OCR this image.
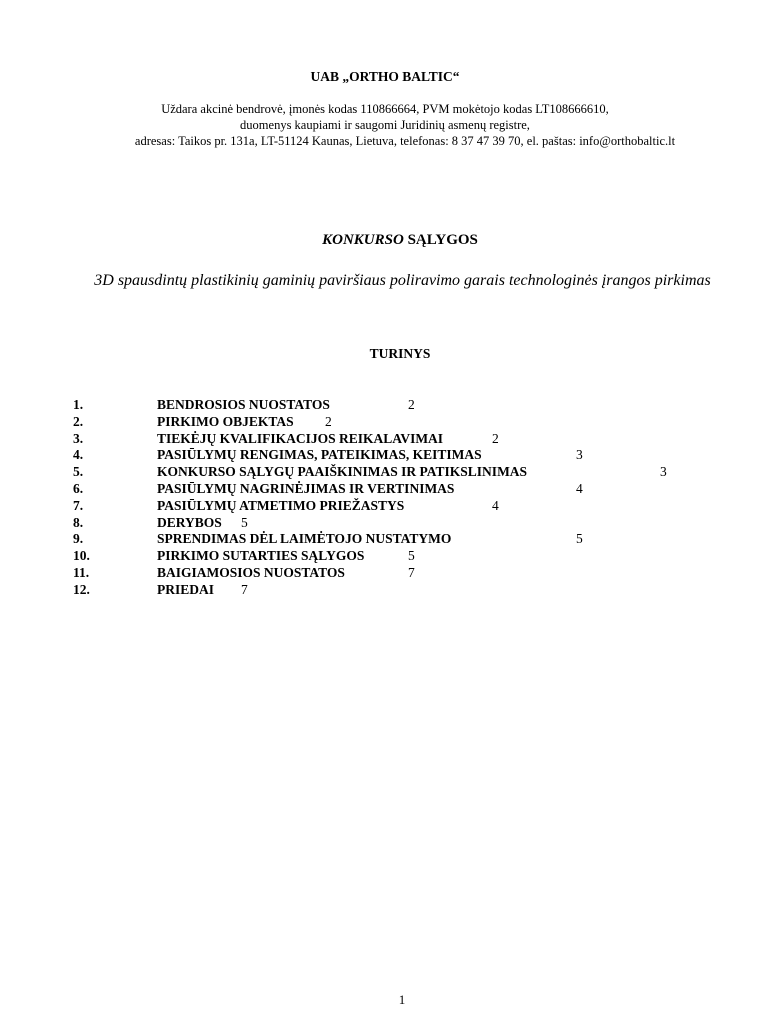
UAB „ORTHO BALTIC“
Uždara akcinė bendrovė, įmonės kodas 110866664, PVM mokėtojo kodas LT108666610,
duomenys kaupiami ir saugomi Juridinių asmenų registre,
adresas: Taikos pr. 131a, LT-51124 Kaunas, Lietuva, telefonas: 8 37 47 39 70, el. paštas: info@orthobaltic.lt
KONKURSO SĄLYGOS
3D spausdintų plastikinių gaminių paviršiaus poliravimo garais technologinės įrangos pirkimas
TURINYS
1.	BENDROSIOS NUOSTATOS	2
2.	PIRKIMO OBJEKTAS 2
3.	TIEKĖJŲ KVALIFIKACIJOS REIKALAVIMAI	2
4.	PASIŪLYMŲ RENGIMAS, PATEIKIMAS, KEITIMAS	3
5.	KONKURSO SĄLYGŲ PAAIŠKINIMAS IR PATIKSLINIMAS	3
6.	PASIŪLYMŲ NAGRINĖJIMAS IR VERTINIMAS	4
7.	PASIŪLYMŲ ATMETIMO PRIEŽASTYS	4
8.	DERYBOS 5
9.	SPRENDIMAS DĖL LAIMĖTOJO NUSTATYMO	5
10.	PIRKIMO SUTARTIES SĄLYGOS	5
11.	BAIGIAMOSIOS NUOSTATOS	7
12.	PRIEDAI 7
1
